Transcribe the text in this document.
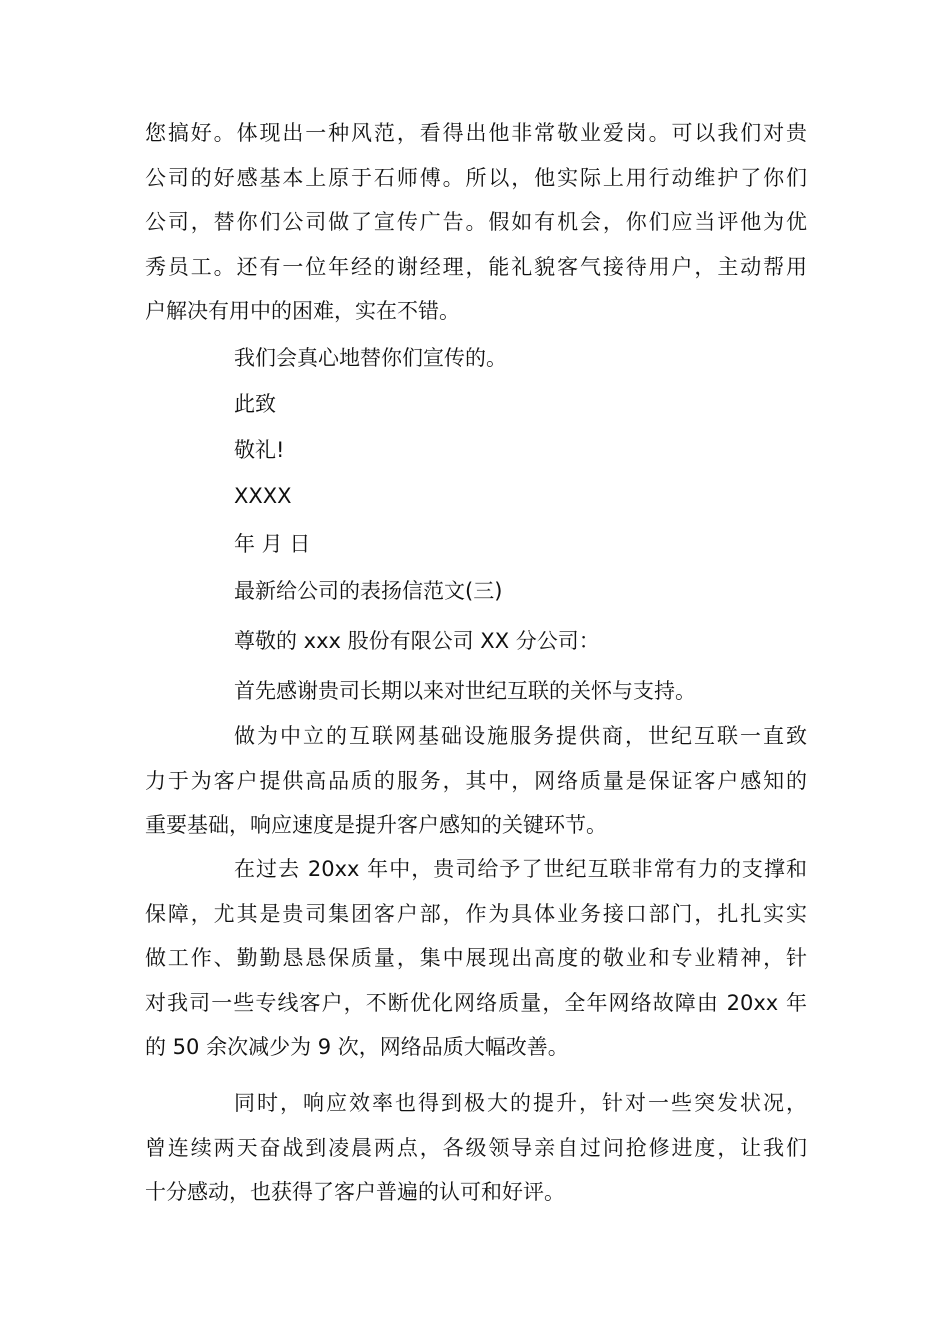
您搞好。体现出一种风范，看得出他非常敬业爱岗。可以我们对贵
公司的好感基本上原于石师傅。所以，他实际上用行动维护了你们
公司，替你们公司做了宣传广告。假如有机会，你们应当评他为优
秀员工。还有一位年经的谢经理，能礼貌客气接待用户，主动帮用
户解决有用中的困难，实在不错。

我们会真心地替你们宣传的。

此致

敬礼!

XXXX

年 月 日

最新给公司的表扬信范文(三)

尊敬的 xxx 股份有限公司 XX 分公司：

首先感谢贵司长期以来对世纪互联的关怀与支持。

做为中立的互联网基础设施服务提供商，世纪互联一直致
力于为客户提供高品质的服务，其中，网络质量是保证客户感知的
重要基础，响应速度是提升客户感知的关键环节。
在过去 20xx 年中，贵司给予了世纪互联非常有力的支撑和
保障，尤其是贵司集团客户部，作为具体业务接口部门，扎扎实实
做工作、勤勤恳恳保质量，集中展现出高度的敬业和专业精神，针
对我司一些专线客户，不断优化网络质量，全年网络故障由 20xx 年
的 50 余次减少为 9 次，网络品质大幅改善。
同时，响应效率也得到极大的提升，针对一些突发状况，
曾连续两天奋战到凌晨两点，各级领导亲自过问抢修进度，让我们
十分感动，也获得了客户普遍的认可和好评。
